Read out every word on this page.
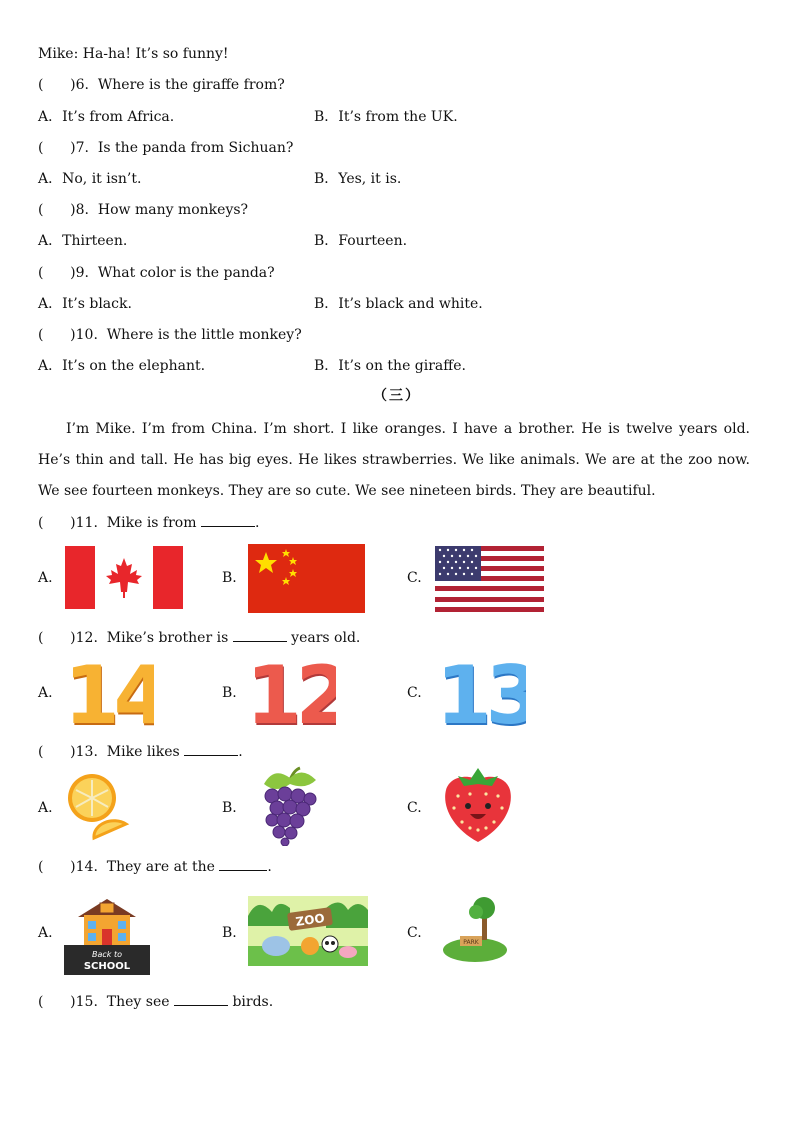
Mike: Ha-ha! It’s so funny!
(      )6.  Where is the giraffe from?
A．It’s from Africa.	B．It’s from the UK.
(      )7.  Is the panda from Sichuan?
A．No, it isn’t.	B．Yes, it is.
(      )8.  How many monkeys?
A．Thirteen.	B．Fourteen.
(      )9.  What color is the panda?
A．It’s black.	B．It’s black and white.
(      )10.  Where is the little monkey?
A．It’s on the elephant.	B．It’s on the giraffe.
（三）
I’m Mike. I’m from China. I’m short. I like oranges. I have a brother. He is twelve years old. He’s thin and tall. He has big eyes. He likes strawberries. We like animals. We are at the zoo now. We see fourteen monkeys. They are so cute. We see nineteen birds. They are beautiful.
(      )11.  Mike is from	.
A.	B.	C.
(      )12.  Mike’s brother is	years old.
A. 14
14	B. 12
12	C. 13
13
(      )13.  Mike likes	.
A.	B.	C.
(      )14.  They are at the	.
A.
Back to
SCHOOL
B.
ZOO
C.
PARK
(      )15.  They see	birds.
